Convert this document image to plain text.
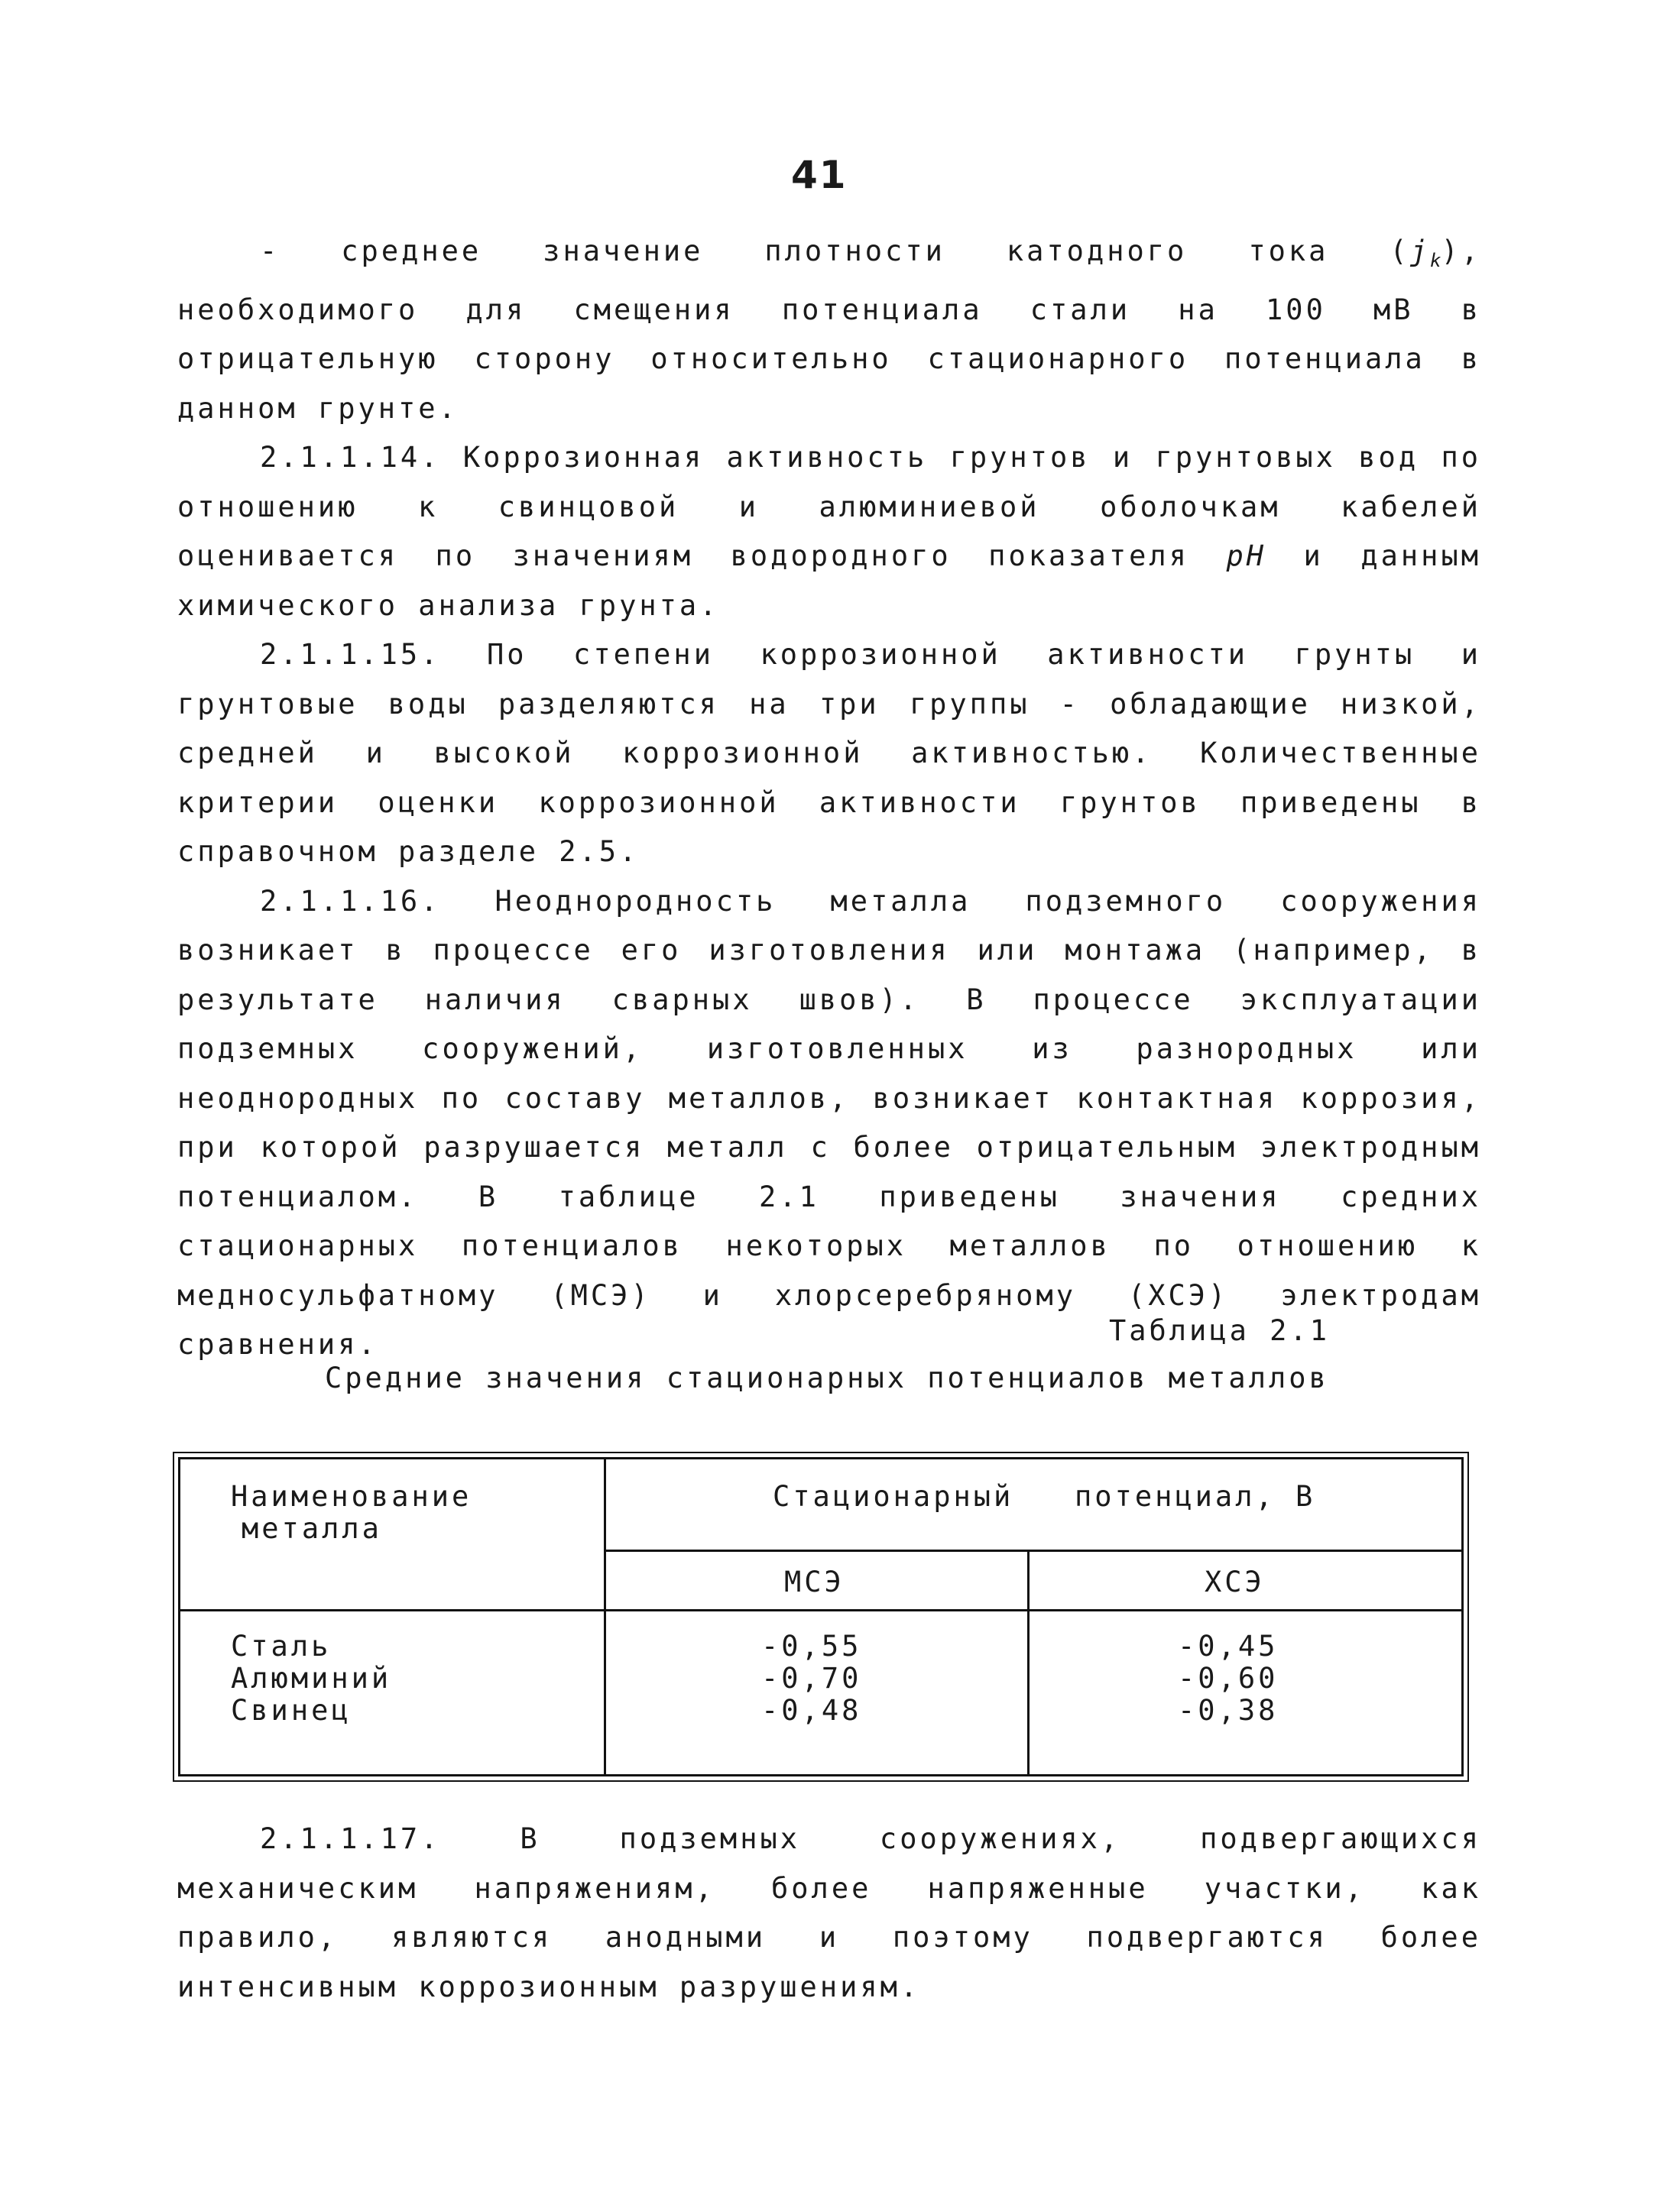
41

- среднее значение плотности катодного тока $(j_k)$, необходимого для смещения потенциала стали на 100 мВ в отрицательную сторону относительно стационарного потенциала в данном грунте.

2.1.1.14. Коррозионная активность грунтов и грунтовых вод по отношению к свинцовой и алюминиевой оболочкам кабелей оценивается по значениям водородного показателя pH и данным химического анализа грунта.

2.1.1.15. По степени коррозионной активности грунты и грунтовые воды разделяются на три группы - обладающие низкой, средней и высокой коррозионной активностью. Количественные критерии оценки коррозионной активности грунтов приведены в справочном разделе 2.5.

2.1.1.16. Неоднородность металла подземного сооружения возникает в процессе его изготовления или монтажа (например, в результате наличия сварных швов). В процессе эксплуатации подземных сооружений, изготовленных из разнородных или неоднородных по составу металлов, возникает контактная коррозия, при которой разрушается металл с более отрицательным электродным потенциалом. В таблице 2.1 приведены значения средних стационарных потенциалов некоторых металлов по отношению к медносульфатному (МСЭ) и хлорсеребряному (ХСЭ) электродам сравнения.	Таблица 2.1
Средние значения стационарных потенциалов металлов
Наименование
металла
Стационарный потенциал, В
МСЭ	ХСЭ
Сталь
Алюминий
Свинец
-0,55
-0,70
-0,48
-0,45
-0,60
-0,38

2.1.1.17. В подземных сооружениях, подвергающихся механическим напряжениям, более напряженные участки, как правило, являются анодными и поэтому подвергаются более интенсивным коррозионным разрушениям.
